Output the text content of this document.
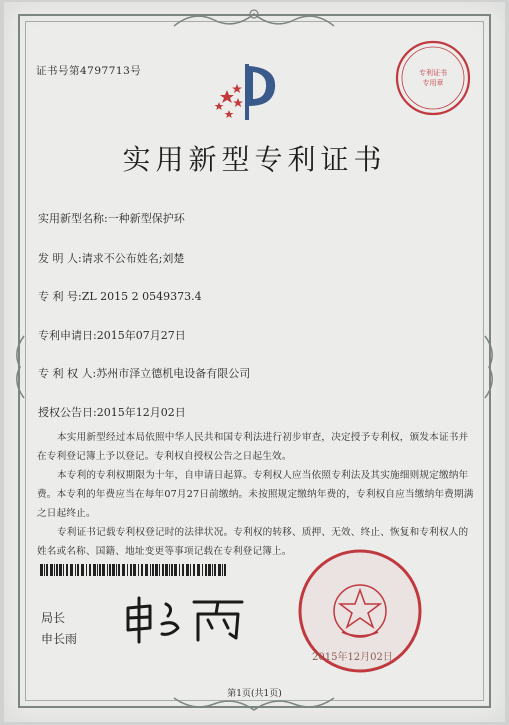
证书号第4797713号	专利证书
专用章
实用新型专利证书
实用新型名称:一种新型保护环
发 明 人:请求不公布姓名;刘楚
专 利 号:ZL 2015 2 0549373.4
专利申请日:2015年07月27日
专 利 权 人:苏州市泽立德机电设备有限公司
授权公告日:2015年12月02日

本实用新型经过本局依照中华人民共和国专利法进行初步审查，决定授予专利权，颁发本证书并在专利登记簿上予以登记。专利权自授权公告之日起生效。

本专利的专利权期限为十年，自申请日起算。专利权人应当依照专利法及其实施细则规定缴纳年费。本专利的年费应当在每年07月27日前缴纳。未按照规定缴纳年费的，专利权自应当缴纳年费期满之日起终止。

专利证书记载专利权登记时的法律状况。专利权的转移、质押、无效、终止、恢复和专利权人的姓名或名称、国籍、地址变更等事项记载在专利登记簿上。

局长
申长雨
2015年12月02日
第1页(共1页)
